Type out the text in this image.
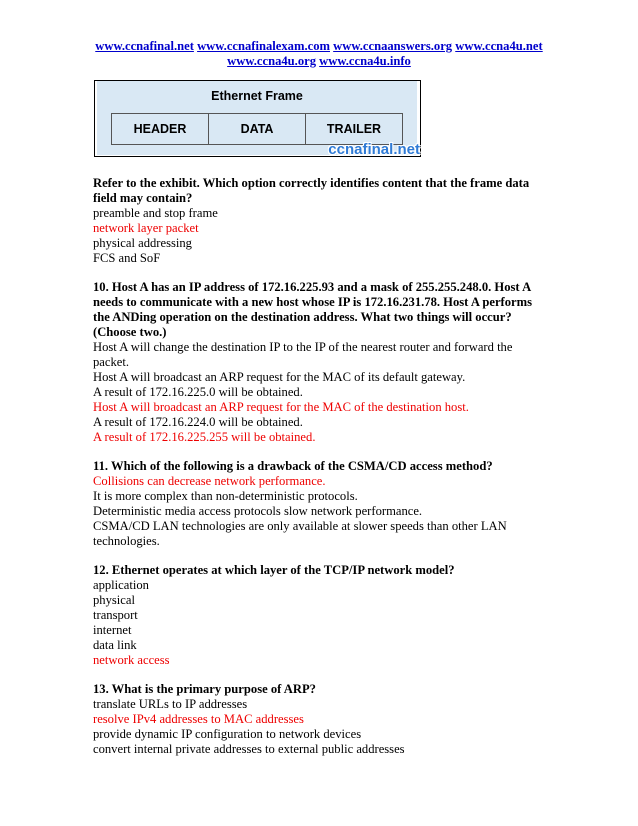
www.ccnafinal.net www.ccnafinalexam.com www.ccnaanswers.org www.ccna4u.net
www.ccna4u.org www.ccna4u.info
Ethernet Frame
HEADER	DATA	TRAILER
ccnafinal.net

Refer to the exhibit. Which option correctly identifies content that the frame data field may contain?

preamble and stop frame
network layer packet
physical addressing
FCS and SoF

10. Host A has an IP address of 172.16.225.93 and a mask of 255.255.248.0. Host A needs to communicate with a new host whose IP is 172.16.231.78. Host A performs the ANDing operation on the destination address. What two things will occur? (Choose two.)

Host A will change the destination IP to the IP of the nearest router and forward the packet.
Host A will broadcast an ARP request for the MAC of its default gateway.
A result of 172.16.225.0 will be obtained.
Host A will broadcast an ARP request for the MAC of the destination host.
A result of 172.16.224.0 will be obtained.
A result of 172.16.225.255 will be obtained.

11. Which of the following is a drawback of the CSMA/CD access method?

Collisions can decrease network performance.
It is more complex than non-deterministic protocols.
Deterministic media access protocols slow network performance.
CSMA/CD LAN technologies are only available at slower speeds than other LAN technologies.

12. Ethernet operates at which layer of the TCP/IP network model?

application
physical
transport
internet
data link
network access

13. What is the primary purpose of ARP?

translate URLs to IP addresses
resolve IPv4 addresses to MAC addresses
provide dynamic IP configuration to network devices
convert internal private addresses to external public addresses
